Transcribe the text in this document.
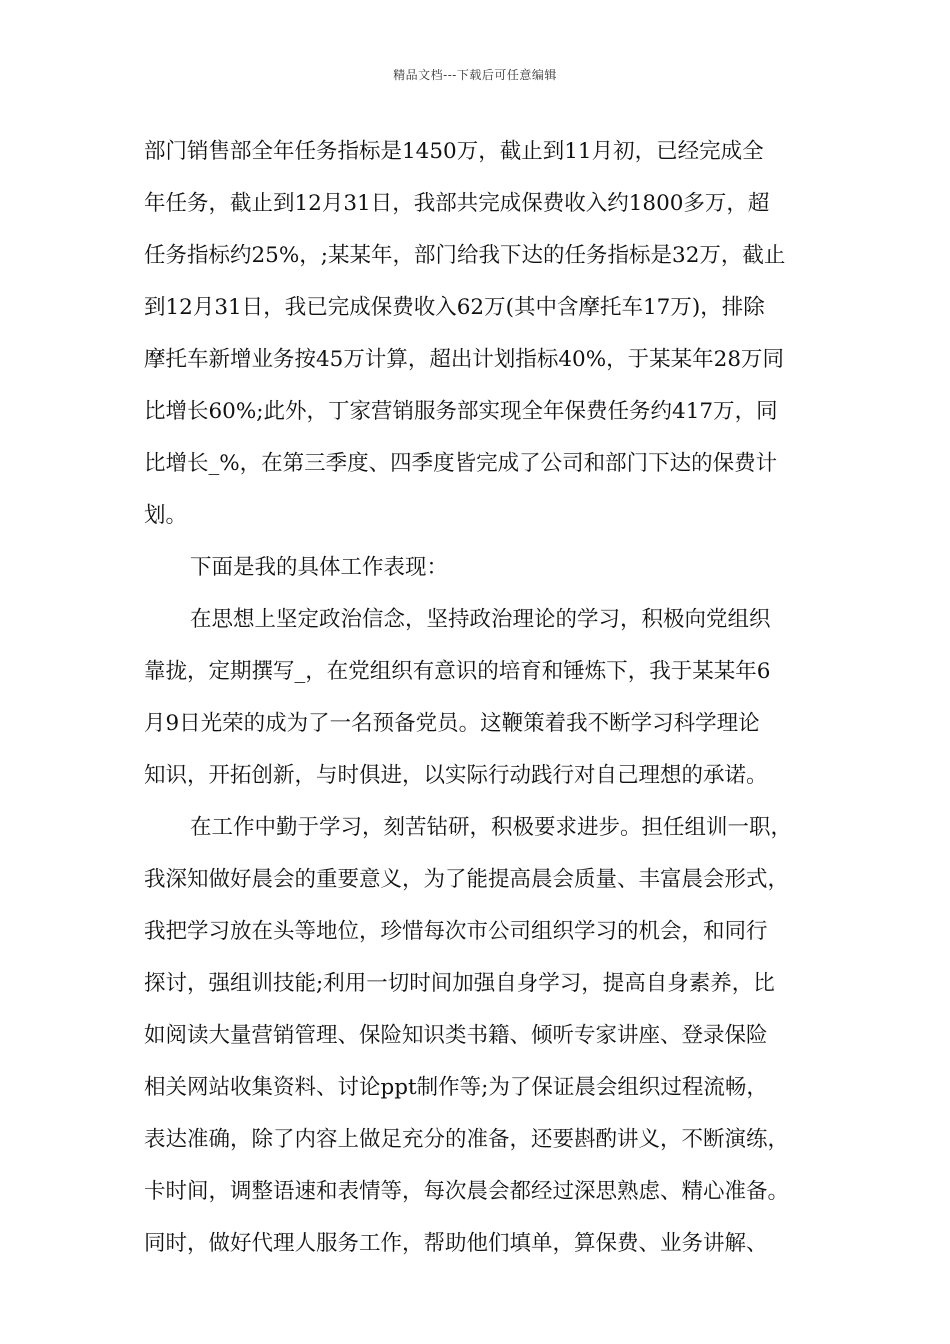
精品文档---下载后可任意编辑
部门销售部全年任务指标是1450万，截止到11月初，已经完成全
年任务，截止到12月31日，我部共完成保费收入约1800多万，超
任务指标约25%，;某某年，部门给我下达的任务指标是32万，截止
到12月31日，我已完成保费收入62万(其中含摩托车17万)，排除
摩托车新增业务按45万计算，超出计划指标40%，于某某年28万同
比增长60%;此外，丁家营销服务部实现全年保费任务约417万，同
比增长_%，在第三季度、四季度皆完成了公司和部门下达的保费计
划。
下面是我的具体工作表现：
在思想上坚定政治信念，坚持政治理论的学习，积极向党组织
靠拢，定期撰写_，在党组织有意识的培育和锤炼下，我于某某年6
月9日光荣的成为了一名预备党员。这鞭策着我不断学习科学理论
知识，开拓创新，与时俱进，以实际行动践行对自己理想的承诺。
在工作中勤于学习，刻苦钻研，积极要求进步。担任组训一职，
我深知做好晨会的重要意义，为了能提高晨会质量、丰富晨会形式，
我把学习放在头等地位，珍惜每次市公司组织学习的机会，和同行
探讨，强组训技能;利用一切时间加强自身学习，提高自身素养，比
如阅读大量营销管理、保险知识类书籍、倾听专家讲座、登录保险
相关网站收集资料、讨论ppt制作等;为了保证晨会组织过程流畅，
表达准确，除了内容上做足充分的准备，还要斟酌讲义，不断演练，
卡时间，调整语速和表情等，每次晨会都经过深思熟虑、精心准备。
同时，做好代理人服务工作，帮助他们填单，算保费、业务讲解、
